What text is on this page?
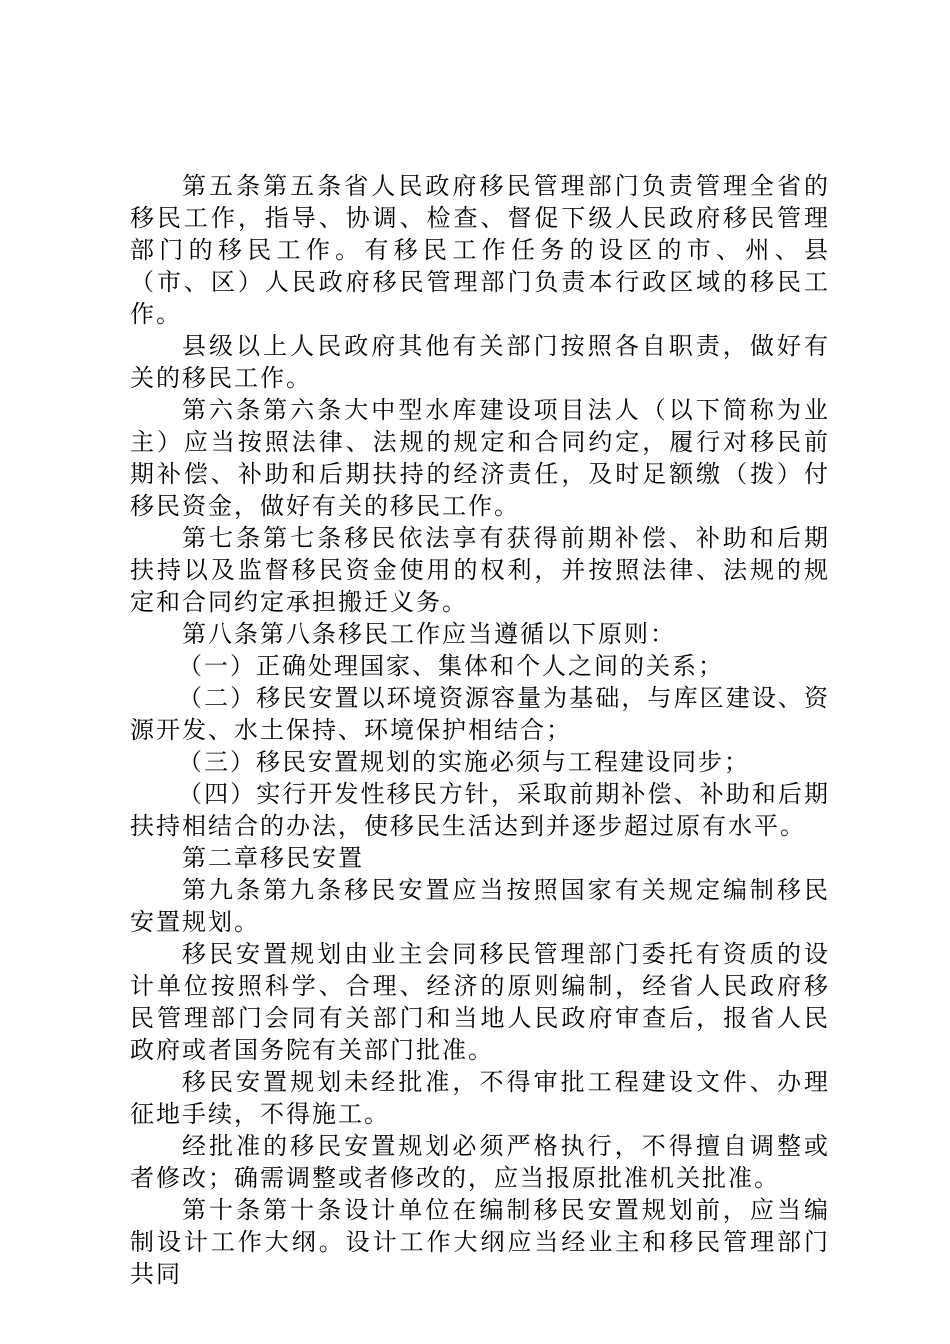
第五条第五条省人民政府移民管理部门负责管理全省的移民工作，指导、协调、检查、督促下级人民政府移民管理部门的移民工作。有移民工作任务的设区的市、州、县（市、区）人民政府移民管理部门负责本行政区域的移民工作。

县级以上人民政府其他有关部门按照各自职责，做好有关的移民工作。

第六条第六条大中型水库建设项目法人（以下简称为业主）应当按照法律、法规的规定和合同约定，履行对移民前期补偿、补助和后期扶持的经济责任，及时足额缴（拨）付移民资金，做好有关的移民工作。

第七条第七条移民依法享有获得前期补偿、补助和后期扶持以及监督移民资金使用的权利，并按照法律、法规的规定和合同约定承担搬迁义务。

第八条第八条移民工作应当遵循以下原则：

（一）正确处理国家、集体和个人之间的关系；

（二）移民安置以环境资源容量为基础，与库区建设、资源开发、水土保持、环境保护相结合；

（三）移民安置规划的实施必须与工程建设同步；

（四）实行开发性移民方针，采取前期补偿、补助和后期扶持相结合的办法，使移民生活达到并逐步超过原有水平。

第二章移民安置

第九条第九条移民安置应当按照国家有关规定编制移民安置规划。

移民安置规划由业主会同移民管理部门委托有资质的设计单位按照科学、合理、经济的原则编制，经省人民政府移民管理部门会同有关部门和当地人民政府审查后，报省人民政府或者国务院有关部门批准。

移民安置规划未经批准，不得审批工程建设文件、办理征地手续，不得施工。

经批准的移民安置规划必须严格执行，不得擅自调整或者修改；确需调整或者修改的，应当报原批准机关批准。

第十条第十条设计单位在编制移民安置规划前，应当编制设计工作大纲。设计工作大纲应当经业主和移民管理部门共同
